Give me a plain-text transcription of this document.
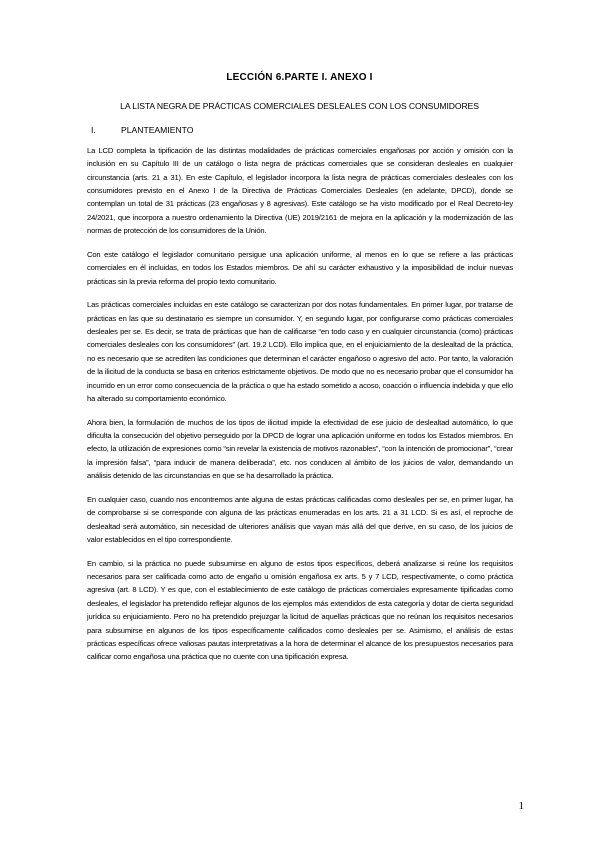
LECCIÓN 6.PARTE I. ANEXO I
LA LISTA NEGRA DE PRÁCTICAS COMERCIALES DESLEALES CON LOS CONSUMIDORES
I.	PLANTEAMIENTO

La LCD completa la tipificación de las distintas modalidades de prácticas comerciales engañosas por acción y omisión con la inclusión en su Capítulo III de un catálogo o lista negra de prácticas comerciales que se consideran desleales en cualquier circunstancia (arts. 21 a 31). En este Capítulo, el legislador incorpora la lista negra de prácticas comerciales desleales con los consumidores previsto en el Anexo I de la Directiva de Prácticas Comerciales Desleales (en adelante, DPCD), donde se contemplan un total de 31 prácticas (23 engañosas y 8 agresivas). Este catálogo se ha visto modificado por el Real Decreto-ley 24/2021, que incorpora a nuestro ordenamiento la Directiva (UE) 2019/2161 de mejora en la aplicación y la modernización de las normas de protección de los consumidores de la Unión.

Con este catálogo el legislador comunitario persigue una aplicación uniforme, al menos en lo que se refiere a las prácticas comerciales en él incluidas, en todos los Estados miembros. De ahí su carácter exhaustivo y la imposibilidad de incluir nuevas prácticas sin la previa reforma del propio texto comunitario.

Las prácticas comerciales incluidas en este catálogo se caracterizan por dos notas fundamentales. En primer lugar, por tratarse de prácticas en las que su destinatario es siempre un consumidor. Y, en segundo lugar, por configurarse como prácticas comerciales desleales per se. Es decir, se trata de prácticas que han de calificarse “en todo caso y en cualquier circunstancia (como) prácticas comerciales desleales con los consumidores” (art. 19.2 LCD). Ello implica que, en el enjuiciamiento de la deslealtad de la práctica, no es necesario que se acrediten las condiciones que determinan el carácter engañoso o agresivo del acto. Por tanto, la valoración de la ilicitud de la conducta se basa en criterios estrictamente objetivos. De modo que no es necesario probar que el consumidor ha incurrido en un error como consecuencia de la práctica o que ha estado sometido a acoso, coacción o influencia indebida y que ello ha alterado su comportamiento económico.

Ahora bien, la formulación de muchos de los tipos de ilicitud impide la efectividad de ese juicio de deslealtad automático, lo que dificulta la consecución del objetivo perseguido por la DPCD de lograr una aplicación uniforme en todos los Estados miembros. En efecto, la utilización de expresiones como “sin revelar la existencia de motivos razonables”, “con la intención de promocionar”, “crear la impresión falsa”, “para inducir de manera deliberada”, etc. nos conducen al ámbito de los juicios de valor, demandando un análisis detenido de las circunstancias en que se ha desarrollado la práctica.

En cualquier caso, cuando nos encontremos ante alguna de estas prácticas calificadas como desleales per se, en primer lugar, ha de comprobarse si se corresponde con alguna de las prácticas enumeradas en los arts. 21 a 31 LCD. Si es así, el reproche de deslealtad será automático, sin necesidad de ulteriores análisis que vayan más allá del que derive, en su caso, de los juicios de valor establecidos en el tipo correspondiente.

En cambio, si la práctica no puede subsumirse en alguno de estos tipos específicos, deberá analizarse si reúne los requisitos necesarios para ser calificada como acto de engaño u omisión engañosa ex arts. 5 y 7 LCD, respectivamente, o como práctica agresiva (art. 8 LCD). Y es que, con el establecimiento de este catálogo de prácticas comerciales expresamente tipificadas como desleales, el legislador ha pretendido reflejar algunos de los ejemplos más extendidos de esta categoría y dotar de cierta seguridad jurídica su enjuiciamiento. Pero no ha pretendido prejuzgar la licitud de aquellas prácticas que no reúnan los requisitos necesarios para subsumirse en algunos de los tipos específicamente calificados como desleales per se. Asimismo, el análisis de estas prácticas específicas ofrece valiosas pautas interpretativas a la hora de determinar el alcance de los presupuestos necesarios para calificar como engañosa una práctica que no cuente con una tipificación expresa.

1
